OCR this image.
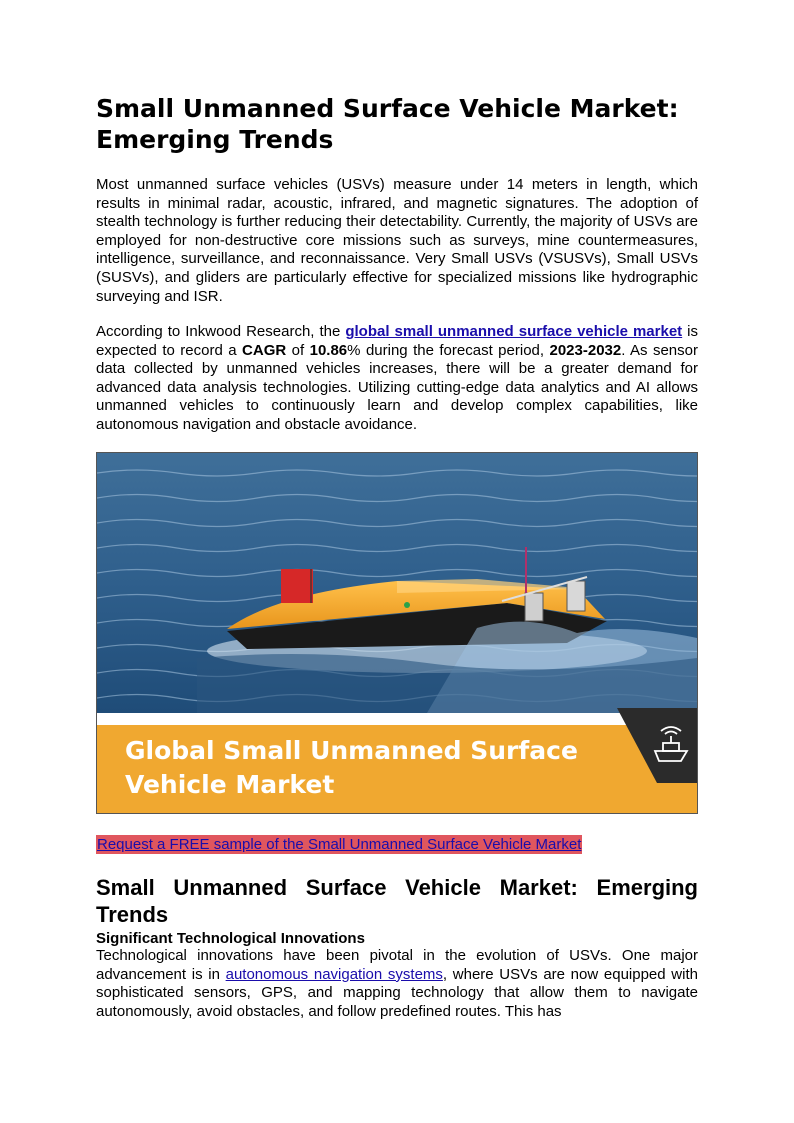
Small Unmanned Surface Vehicle Market: Emerging Trends

Most unmanned surface vehicles (USVs) measure under 14 meters in length, which results in minimal radar, acoustic, infrared, and magnetic signatures. The adoption of stealth technology is further reducing their detectability. Currently, the majority of USVs are employed for non-destructive core missions such as surveys, mine countermeasures, intelligence, surveillance, and reconnaissance. Very Small USVs (VSUSVs), Small USVs (SUSVs), and gliders are particularly effective for specialized missions like hydrographic surveying and ISR.

According to Inkwood Research, the global small unmanned surface vehicle market is expected to record a CAGR of 10.86% during the forecast period, 2023-2032. As sensor data collected by unmanned vehicles increases, there will be a greater demand for advanced data analysis technologies. Utilizing cutting-edge data analytics and AI allows unmanned vehicles to continuously learn and develop complex capabilities, like autonomous navigation and obstacle avoidance.

Global Small Unmanned Surface
Vehicle Market
Request a FREE sample of the Small Unmanned Surface Vehicle Market
Small Unmanned Surface Vehicle Market: Emerging Trends
Significant Technological Innovations

Technological innovations have been pivotal in the evolution of USVs. One major advancement is in autonomous navigation systems, where USVs are now equipped with sophisticated sensors, GPS, and mapping technology that allow them to navigate autonomously, avoid obstacles, and follow predefined routes. This has
